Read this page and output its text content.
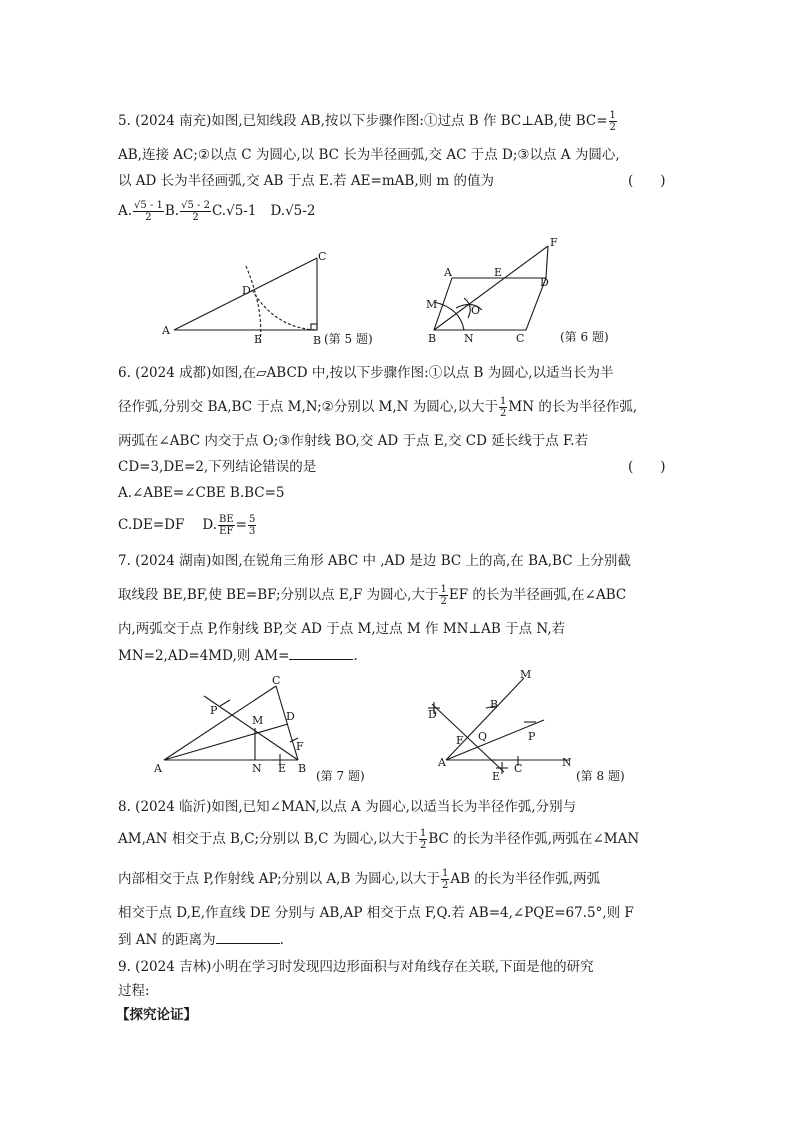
5. (2024 南充)如图,已知线段 AB,按以下步骤作图:①过点 B 作 BC⊥AB,使 $BC= \frac{1}{2}$
AB,连接 AC;②以点 C 为圆心,以 BC 长为半径画弧,交 AC 于点 D;③以点 A 为圆心,
以 AD 长为半径画弧,交 AB 于点 E.若 AE=mAB,则 m 的值为	(　　)
A. $\frac{√5 - 1}{2} B$. $\frac{√5 - 2}{2} C.√5-1$ D.√5-2
A
B
C
D
E	(第 5 题)
A	E
F
D
M	O
B	N	C	(第 6 题)
6. (2024 成都)如图,在▱ABCD 中,按以下步骤作图:①以点 B 为圆心,以适当长为半
径作弧,分别交 BA,BC 于点 M,N;②分别以 M,N 为圆心,以大于 $\frac{1}{2}$ MN 的长为半径作弧,
两弧在∠ABC 内交于点 O;③作射线 BO,交 AD 于点 E,交 CD 延长线于点 F.若
CD=3,DE=2,下列结论错误的是	(　　)
A.∠ABE=∠CBE B.BC=5
C.DE=DF D. $\frac{BE}{EF} = \frac{5}{3}$
7. (2024 湖南)如图,在锐角三角形 ABC 中 ,AD 是边 BC 上的高,在 BA,BC 上分别截
取线段 BE,BF,使 BE=BF;分别以点 E,F 为圆心,大于 $\frac{1}{2}$ EF 的长为半径画弧,在∠ABC
内,两弧交于点 P,作射线 BP,交 AD 于点 M,过点 M 作 MN⊥AB 于点 N,若
MN=2,AD=4MD,则 AM=	.
A	B
C
D
E
F
M
N
P
(第 7 题)
M
D
B
F Q	P
A
E
C	N
(第 8 题)
8. (2024 临沂)如图,已知∠MAN,以点 A 为圆心,以适当长为半径作弧,分别与
AM,AN 相交于点 B,C;分别以 B,C 为圆心,以大于 $\frac{1}{2}$ BC 的长为半径作弧,两弧在∠MAN
内部相交于点 P,作射线 AP;分别以 A,B 为圆心,以大于 $\frac{1}{2}$ AB 的长为半径作弧,两弧
相交于点 D,E,作直线 DE 分别与 AB,AP 相交于点 F,Q.若 AB=4,∠PQE=67.5°,则 F
到 AN 的距离为	.
9. (2024 吉林)小明在学习时发现四边形面积与对角线存在关联,下面是他的研究
过程:
【探究论证】
